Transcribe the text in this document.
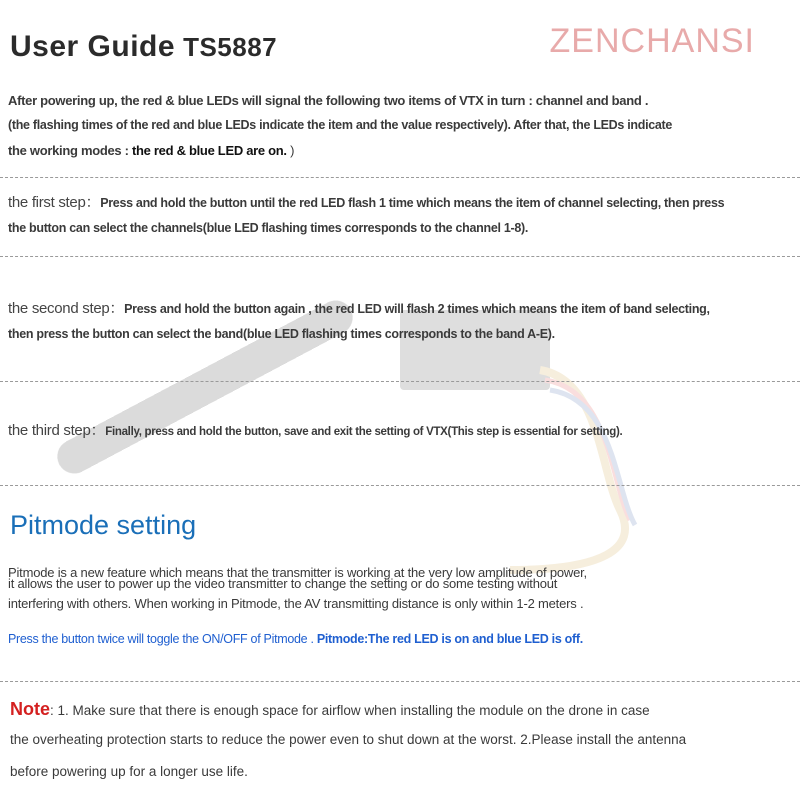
User Guide TS5887	ZENCHANSI
After powering up, the red & blue LEDs will signal the following two items of VTX in turn : channel and band .
(the flashing times of the red and blue LEDs indicate the item and the value respectively). After that, the LEDs indicate
the working modes : the red & blue LED are on. )
the first step：Press and hold the button until the red LED flash 1 time which means the item of channel selecting, then press
the button can select the channels(blue LED flashing times corresponds to the channel 1-8).
the second step：Press and hold the button again , the red LED will flash 2 times which means the item of band selecting,
then press the button can select the band(blue LED flashing times corresponds to the band A-E).
the third step：Finally, press and hold the button, save and exit the setting of VTX(This step is essential for setting).
Pitmode setting
Pitmode is a new feature which means that the transmitter is working at the very low amplitude of power,
it allows the user to power up the video transmitter to change the setting or do some testing without
interfering with others. When working in Pitmode, the AV transmitting distance is only within 1-2 meters .
Press the button twice will toggle the ON/OFF of Pitmode . Pitmode:The red LED is on and blue LED is off.
Note: 1. Make sure that there is enough space for airflow when installing the module on the drone in case
the overheating protection starts to reduce the power even to shut down at the worst. 2.Please install the antenna
before powering up for a longer use life.
